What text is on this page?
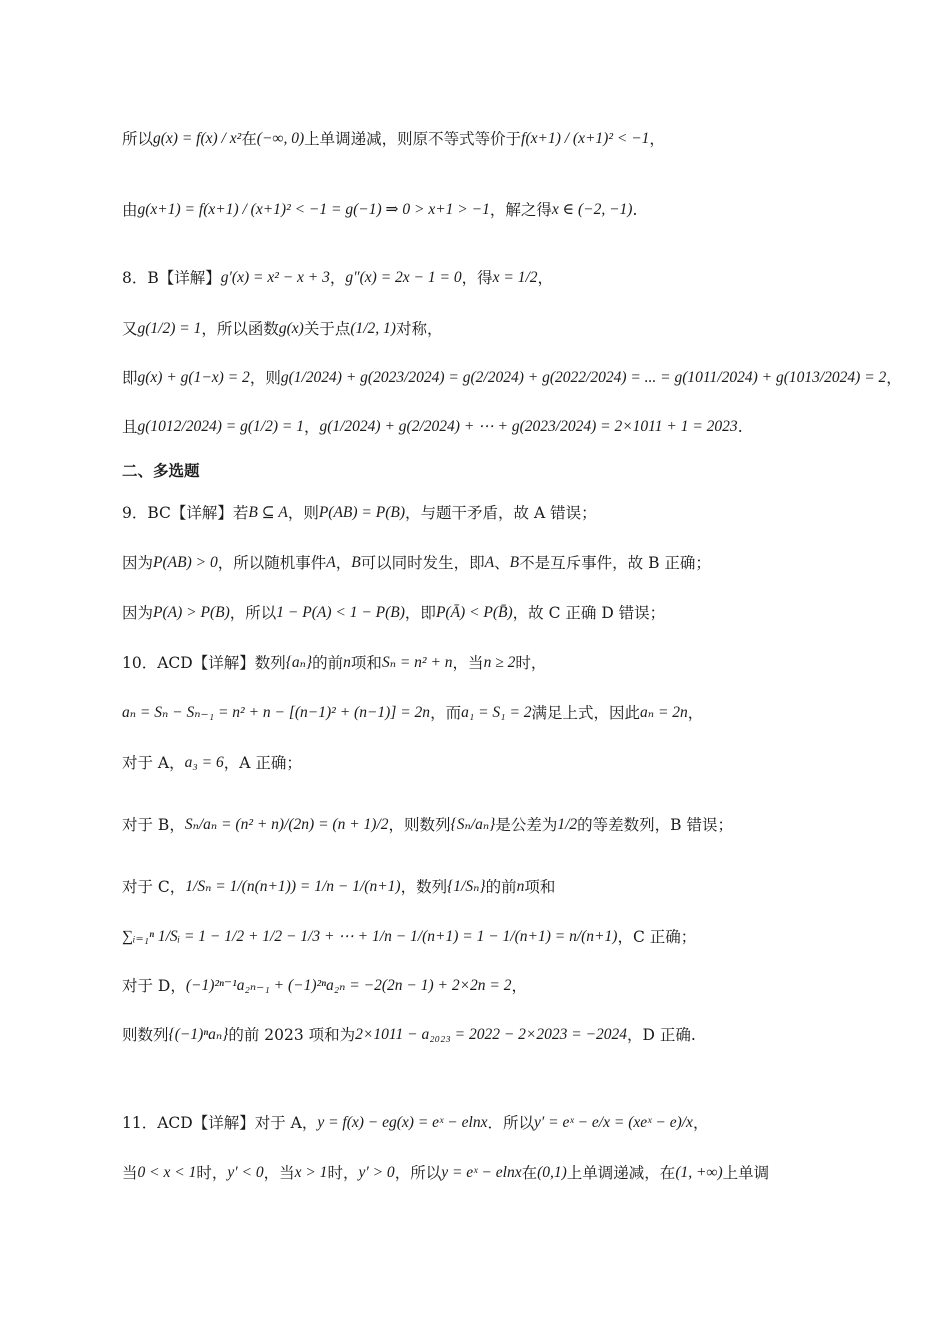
所以g(x) = f(x) / x²在(−∞, 0)上单调递减，则原不等式等价于f(x+1) / (x+1)² < −1，
由g(x+1) = f(x+1) / (x+1)² < −1 = g(−1) ⇒ 0 > x+1 > −1，解之得x ∈ (−2, −1).
8．B【详解】g′(x) = x² − x + 3，g″(x) = 2x − 1 = 0，得x = 1/2，
又g(1/2) = 1，所以函数g(x)关于点(1/2, 1)对称，
即g(x) + g(1−x) = 2，则g(1/2024) + g(2023/2024) = g(2/2024) + g(2022/2024) = ... = g(1011/2024) + g(1013/2024) = 2，
且g(1012/2024) = g(1/2) = 1，g(1/2024) + g(2/2024) + ⋯ + g(2023/2024) = 2×1011 + 1 = 2023.
二、多选题
9．BC【详解】若B ⊆ A，则P(AB) = P(B)，与题干矛盾，故 A 错误；
因为P(AB) > 0，所以随机事件A，B可以同时发生，即A、B不是互斥事件，故 B 正确；
因为P(A) > P(B)，所以1 − P(A) < 1 − P(B)，即P(Ā) < P(B̄)，故 C 正确 D 错误；
10．ACD【详解】数列{aₙ}的前n项和Sₙ = n² + n，当n ≥ 2时，
aₙ = Sₙ − Sₙ₋₁ = n² + n − [(n−1)² + (n−1)] = 2n，而a₁ = S₁ = 2满足上式，因此aₙ = 2n，
对于 A，a₃ = 6，A 正确；
对于 B，Sₙ/aₙ = (n² + n)/(2n) = (n + 1)/2，则数列{Sₙ/aₙ}是公差为1/2的等差数列，B 错误；
对于 C，1/Sₙ = 1/(n(n+1)) = 1/n − 1/(n+1)，数列{1/Sₙ}的前n项和
∑ᵢ₌₁ⁿ 1/Sᵢ = 1 − 1/2 + 1/2 − 1/3 + ⋯ + 1/n − 1/(n+1) = 1 − 1/(n+1) = n/(n+1)，C 正确；
对于 D，(−1)²ⁿ⁻¹a₂ₙ₋₁ + (−1)²ⁿa₂ₙ = −2(2n − 1) + 2×2n = 2，
则数列{(−1)ⁿaₙ}的前 2023 项和为2×1011 − a₂₀₂₃ = 2022 − 2×2023 = −2024，D 正确.
11．ACD【详解】对于 A，y = f(x) − eg(x) = eˣ − elnx．所以y′ = eˣ − e/x = (xeˣ − e)/x，
当0 < x < 1时，y′ < 0，当x > 1时，y′ > 0，所以y = eˣ − elnx在(0,1)上单调递减，在(1, +∞)上单调
